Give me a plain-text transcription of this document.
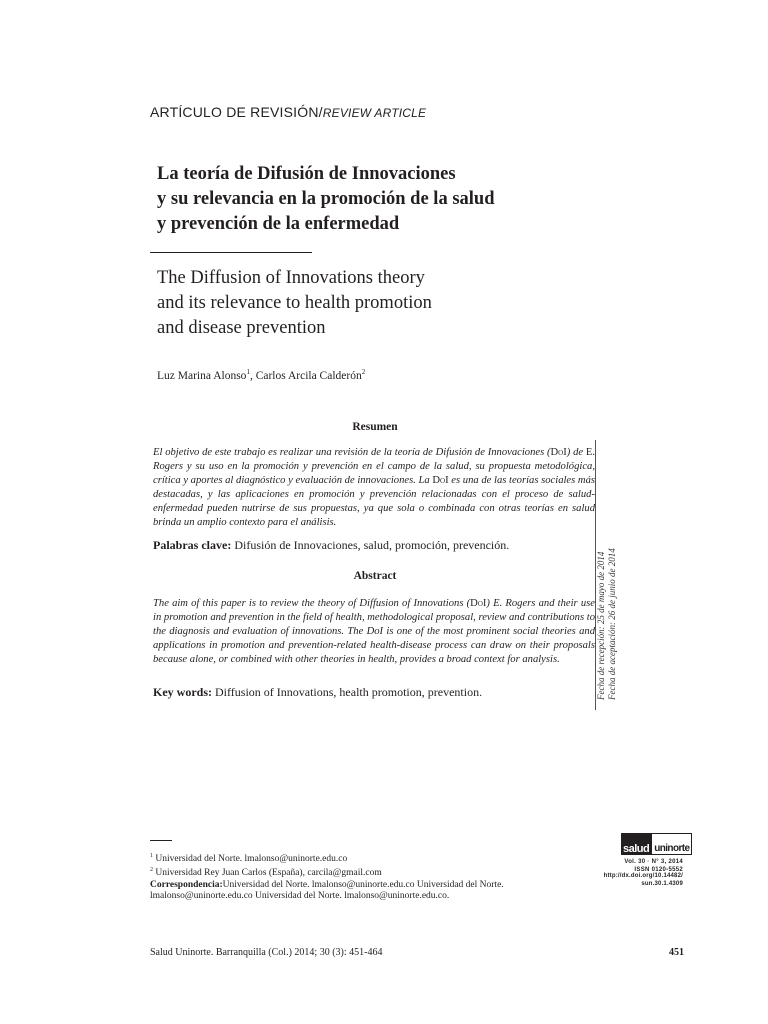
ARTÍCULO DE REVISIÓN/REVIEW ARTICLE
La teoría de Difusión de Innovaciones
y su relevancia en la promoción de la salud
y prevención de la enfermedad
The Diffusion of Innovations theory
and its relevance to health promotion
and disease prevention
Luz Marina Alonso$^1$, Carlos Arcila Calderón$^2$
Resumen
El objetivo de este trabajo es realizar una revisión de la teoría de Difusión de Innovaciones (DoI) de E. Rogers y su uso en la promoción y prevención en el campo de la salud, su propuesta metodológica, crítica y aportes al diagnóstico y evaluación de innovaciones. La DoI es una de las teorías sociales más destacadas, y las aplicaciones en promoción y prevención relacionadas con el proceso de salud-enfermedad pueden nutrirse de sus propuestas, ya que sola o combinada con otras teorías en salud brinda un amplio contexto para el análisis.
Palabras clave: Difusión de Innovaciones, salud, promoción, prevención.
Abstract
The aim of this paper is to review the theory of Diffusion of Innovations (DoI) E. Rogers and their use in promotion and prevention in the field of health, methodological proposal, review and contributions to the diagnosis and evaluation of innovations. The DoI is one of the most prominent social theories and applications in promotion and prevention-related health-disease process can draw on their proposals because alone, or combined with other theories in health, provides a broad context for analysis.
Key words: Diffusion of Innovations, health promotion, prevention.	Fecha de recepción: 25 de mayo de 2014 Fecha de aceptación: 26 de junio de 2014
$^1$ Universidad del Norte. lmalonso@uninorte.edu.co
$^2$ Universidad Rey Juan Carlos (España), carcila@gmail.com
Correspondencia:Universidad del Norte. lmalonso@uninorte.edu.co Universidad del Norte. lmalonso@uninorte.edu.co Universidad del Norte. lmalonso@uninorte.edu.co.
salud uninorte
Vol. 30 · N° 3, 2014
ISSN 0120-5552
http://dx.doi.org/10.14482/
sun.30.1.4309
Salud Uninorte. Barranquilla (Col.) 2014; 30 (3): 451-464	451
